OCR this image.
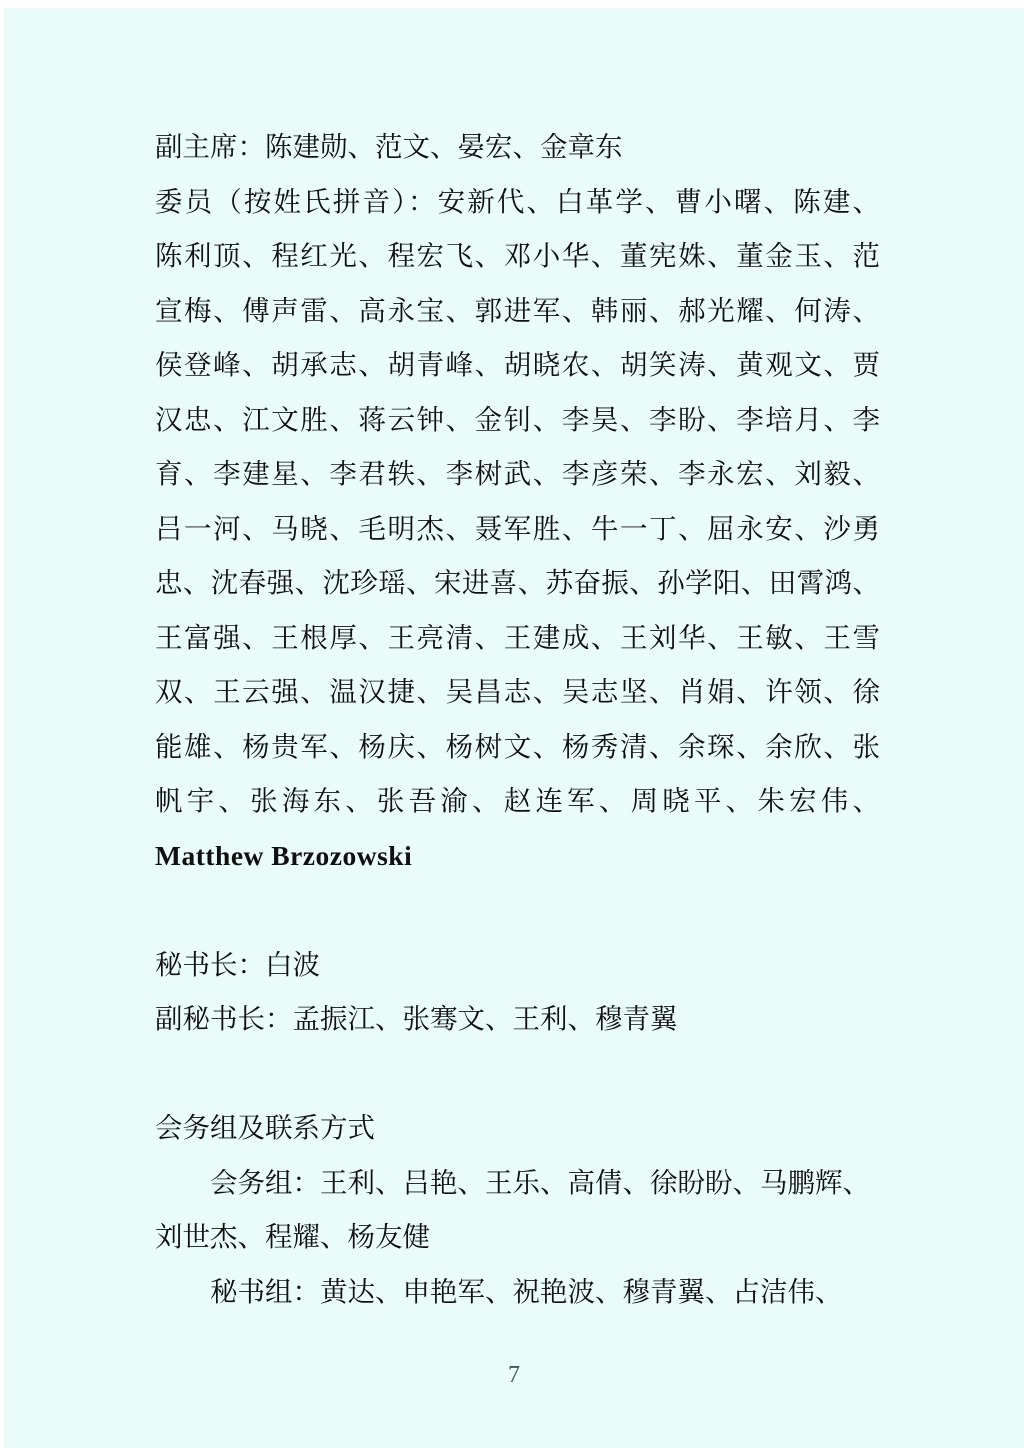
副主席：陈建勋、范文、晏宏、金章东
委员（按姓氏拼音）：安新代、白革学、曹小曙、陈建、
陈利顶、程红光、程宏飞、邓小华、董宪姝、董金玉、范
宣梅、傅声雷、高永宝、郭进军、韩丽、郝光耀、何涛、
侯登峰、胡承志、胡青峰、胡晓农、胡笑涛、黄观文、贾
汉忠、江文胜、蒋云钟、金钊、李昊、李盼、李培月、李
育、李建星、李君轶、李树武、李彦荣、李永宏、刘毅、
吕一河、马晓、毛明杰、聂军胜、牛一丁、屈永安、沙勇
忠、沈春强、沈珍瑶、宋进喜、苏奋振、孙学阳、田霄鸿、
王富强、王根厚、王亮清、王建成、王刘华、王敏、王雪
双、王云强、温汉捷、吴昌志、吴志坚、肖娟、许领、徐
能雄、杨贵军、杨庆、杨树文、杨秀清、余琛、余欣、张
帆宇、张海东、张吾渝、赵连军、周晓平、朱宏伟、
Matthew Brzozowski
秘书长：白波
副秘书长：孟振江、张骞文、王利、穆青翼
会务组及联系方式
会务组：王利、吕艳、王乐、高倩、徐盼盼、马鹏辉、
刘世杰、程耀、杨友健
秘书组：黄达、申艳军、祝艳波、穆青翼、占洁伟、
7
